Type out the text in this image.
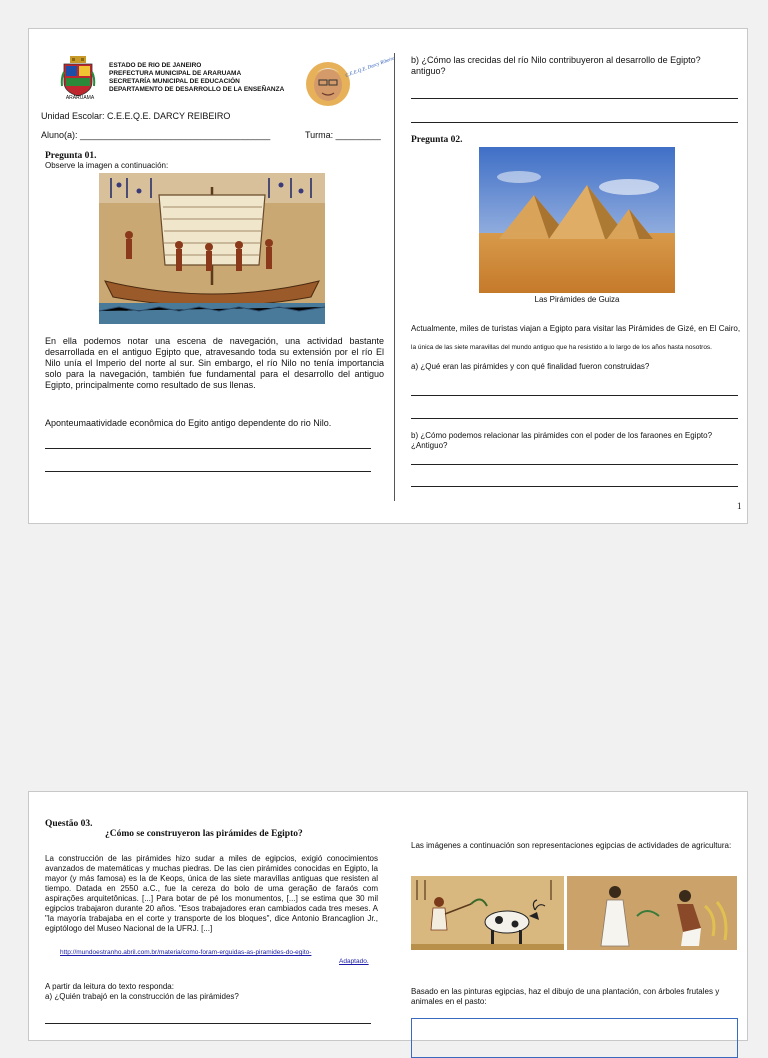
ARARUAMA
ESTADO DE RIO DE JANEIRO
PREFECTURA MUNICIPAL DE ARARUAMA
SECRETARÍA MUNICIPAL DE EDUCACIÓN
DEPARTAMENTO DE DESARROLLO DE LA ENSEÑANZA
C.E.E.Q.E. Darcy Ribeiro
Unidad Escolar: C.E.E.Q.E. DARCY REIBEIRO
Aluno(a): ______________________________________	Turma: _________
Pregunta 01.
Observe la imagen a continuación:
En ella podemos notar una escena de navegación, una actividad bastante desarrollada en el antiguo Egipto que, atravesando toda su extensión por el río El Nilo unía el Imperio del norte al sur. Sin embargo, el río Nilo no tenía importancia solo para la navegación, también fue fundamental para el desarrollo del antiguo Egipto, principalmente como resultado de sus llenas.
Aponteumaatividade econômica do Egito antigo dependente do rio Nilo.
b) ¿Cómo las crecidas del río Nilo contribuyeron al desarrollo de Egipto? antiguo?
Pregunta 02.
Las Pirámides de Guiza
Actualmente, miles de turistas viajan a Egipto para visitar las Pirámides de Gizé, en El Cairo, la única de las siete maravillas del mundo antiguo que ha resistido a lo largo de los años hasta nosotros.
a) ¿Qué eran las pirámides y con qué finalidad fueron construidas?
b) ¿Cómo podemos relacionar las pirámides con el poder de los faraones en Egipto? ¿Antiguo?
1
Questão 03.
¿Cómo se construyeron las pirámides de Egipto?
La construcción de las pirámides hizo sudar a miles de egipcios, exigió conocimientos avanzados de matemáticas y muchas piedras. De las cien pirámides conocidas en Egipto, la mayor (y más famosa) es la de Keops, única de las siete maravillas antiguas que resisten al tiempo. Datada en 2550 a.C., fue la cereza do bolo de uma geração de faraós com aspirações arquitetônicas. [...] Para botar de pé los monumentos, [...] se estima que 30 mil egipcios trabajaron durante 20 años. "Esos trabajadores eran cambiados cada tres meses. A "la mayoría trabajaba en el corte y transporte de los bloques", dice Antonio Brancaglion Jr., egiptólogo del Museo Nacional de la UFRJ. [...]
http://mundoestranho.abril.com.br/materia/como-foram-erguidas-as-piramides-do-egito-
Adaptado.
A partir da leitura do texto responda:
a) ¿Quién trabajó en la construcción de las pirámides?
Las imágenes a continuación son representaciones egipcias de actividades de agricultura:
Basado en las pinturas egipcias, haz el dibujo de una plantación, con árboles frutales y animales en el pasto:
